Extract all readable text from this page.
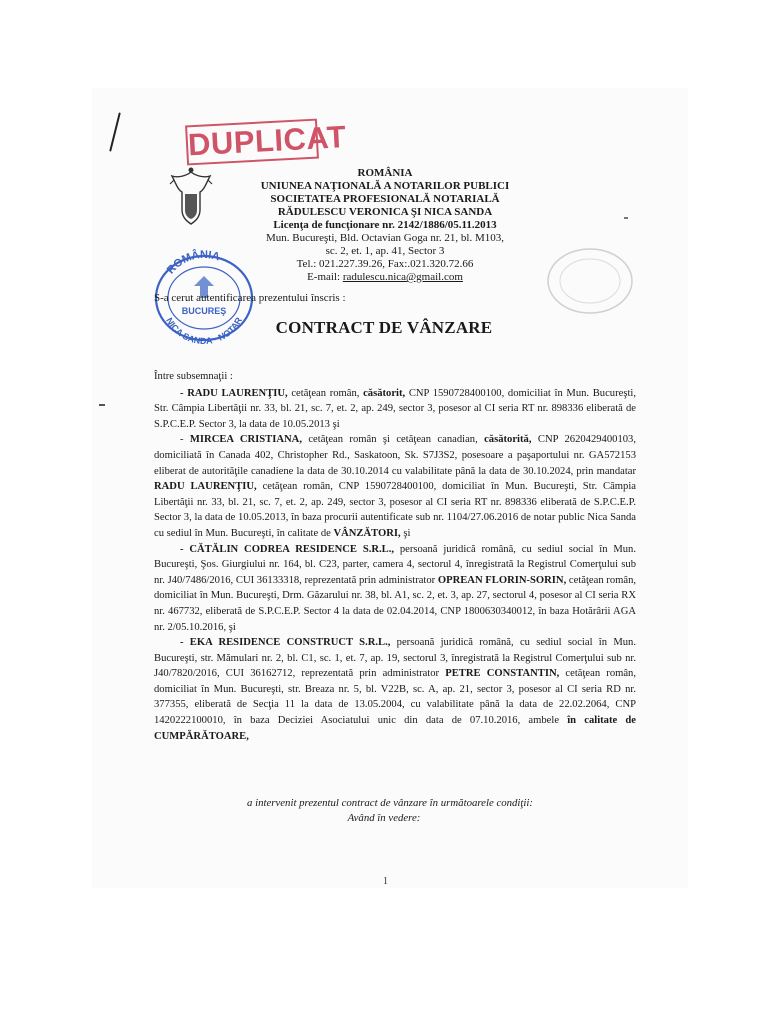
DUPLICAT
ROMÂNIA
NICA SANDA · NOTAR
BUCUREŞ
ROMÂNIA
UNIUNEA NAŢIONALĂ A NOTARILOR PUBLICI
SOCIETATEA PROFESIONALĂ NOTARIALĂ
RĂDULESCU VERONICA ŞI NICA SANDA
Licenţa de funcţionare nr. 2142/1886/05.11.2013
Mun. Bucureşti, Bld. Octavian Goga nr. 21, bl. M103,
sc. 2, et. 1, ap. 41, Sector 3
Tel.: 021.227.39.26, Fax:.021.320.72.66
E-mail: radulescu.nica@gmail.com
S-a cerut autentificarea prezentului înscris :
CONTRACT DE VÂNZARE

Între subsemnaţii :

- RADU LAURENŢIU, cetăţean român, căsătorit, CNP 1590728400100, domiciliat în Mun. Bucureşti, Str. Câmpia Libertăţii nr. 33, bl. 21, sc. 7, et. 2, ap. 249, sector 3, posesor al CI seria RT nr. 898336 eliberată de S.P.C.E.P. Sector 3, la data de 10.05.2013 şi

- MIRCEA CRISTIANA, cetăţean român şi cetăţean canadian, căsătorită, CNP 2620429400103, domiciliată în Canada 402, Christopher Rd., Saskatoon, Sk. S7J3S2, posesoare a paşaportului nr. GA572153 eliberat de autorităţile canadiene la data de 30.10.2014 cu valabilitate până la data de 30.10.2024, prin mandatar RADU LAURENŢIU, cetăţean român, CNP 1590728400100, domiciliat în Mun. Bucureşti, Str. Câmpia Libertăţii nr. 33, bl. 21, sc. 7, et. 2, ap. 249, sector 3, posesor al CI seria RT nr. 898336 eliberată de S.P.C.E.P. Sector 3, la data de 10.05.2013, în baza procurii autentificate sub nr. 1104/27.06.2016 de notar public Nica Sanda cu sediul în Mun. Bucureşti, în calitate de VÂNZĂTORI, şi

- CĂTĂLIN CODREA RESIDENCE S.R.L., persoană juridică română, cu sediul social în Mun. Bucureşti, Şos. Giurgiului nr. 164, bl. C23, parter, camera 4, sectorul 4, înregistrată la Registrul Comerţului sub nr. J40/7486/2016, CUI 36133318, reprezentată prin administrator OPREAN FLORIN-SORIN, cetăţean român, domiciliat în Mun. Bucureşti, Drm. Găzarului nr. 38, bl. A1, sc. 2, et. 3, ap. 27, sectorul 4, posesor al CI seria RX nr. 467732, eliberată de S.P.C.E.P. Sector 4 la data de 02.04.2014, CNP 1800630340012, în baza Hotărârii AGA nr. 2/05.10.2016, şi

- EKA RESIDENCE CONSTRUCT S.R.L., persoană juridică română, cu sediul social în Mun. Bucureşti, str. Mămulari nr. 2, bl. C1, sc. 1, et. 7, ap. 19, sectorul 3, înregistrată la Registrul Comerţului sub nr. J40/7820/2016, CUI 36162712, reprezentată prin administrator PETRE CONSTANTIN, cetăţean român, domiciliat în Mun. Bucureşti, str. Breaza nr. 5, bl. V22B, sc. A, ap. 21, sector 3, posesor al CI seria RD nr. 377355, eliberată de Secţia 11 la data de 13.05.2004, cu valabilitate până la data de 22.02.2064, CNP 1420222100010, în baza Deciziei Asociatului unic din data de 07.10.2016, ambele în calitate de CUMPĂRĂTOARE,

a intervenit prezentul contract de vânzare în următoarele condiţii:
Având în vedere:
1
